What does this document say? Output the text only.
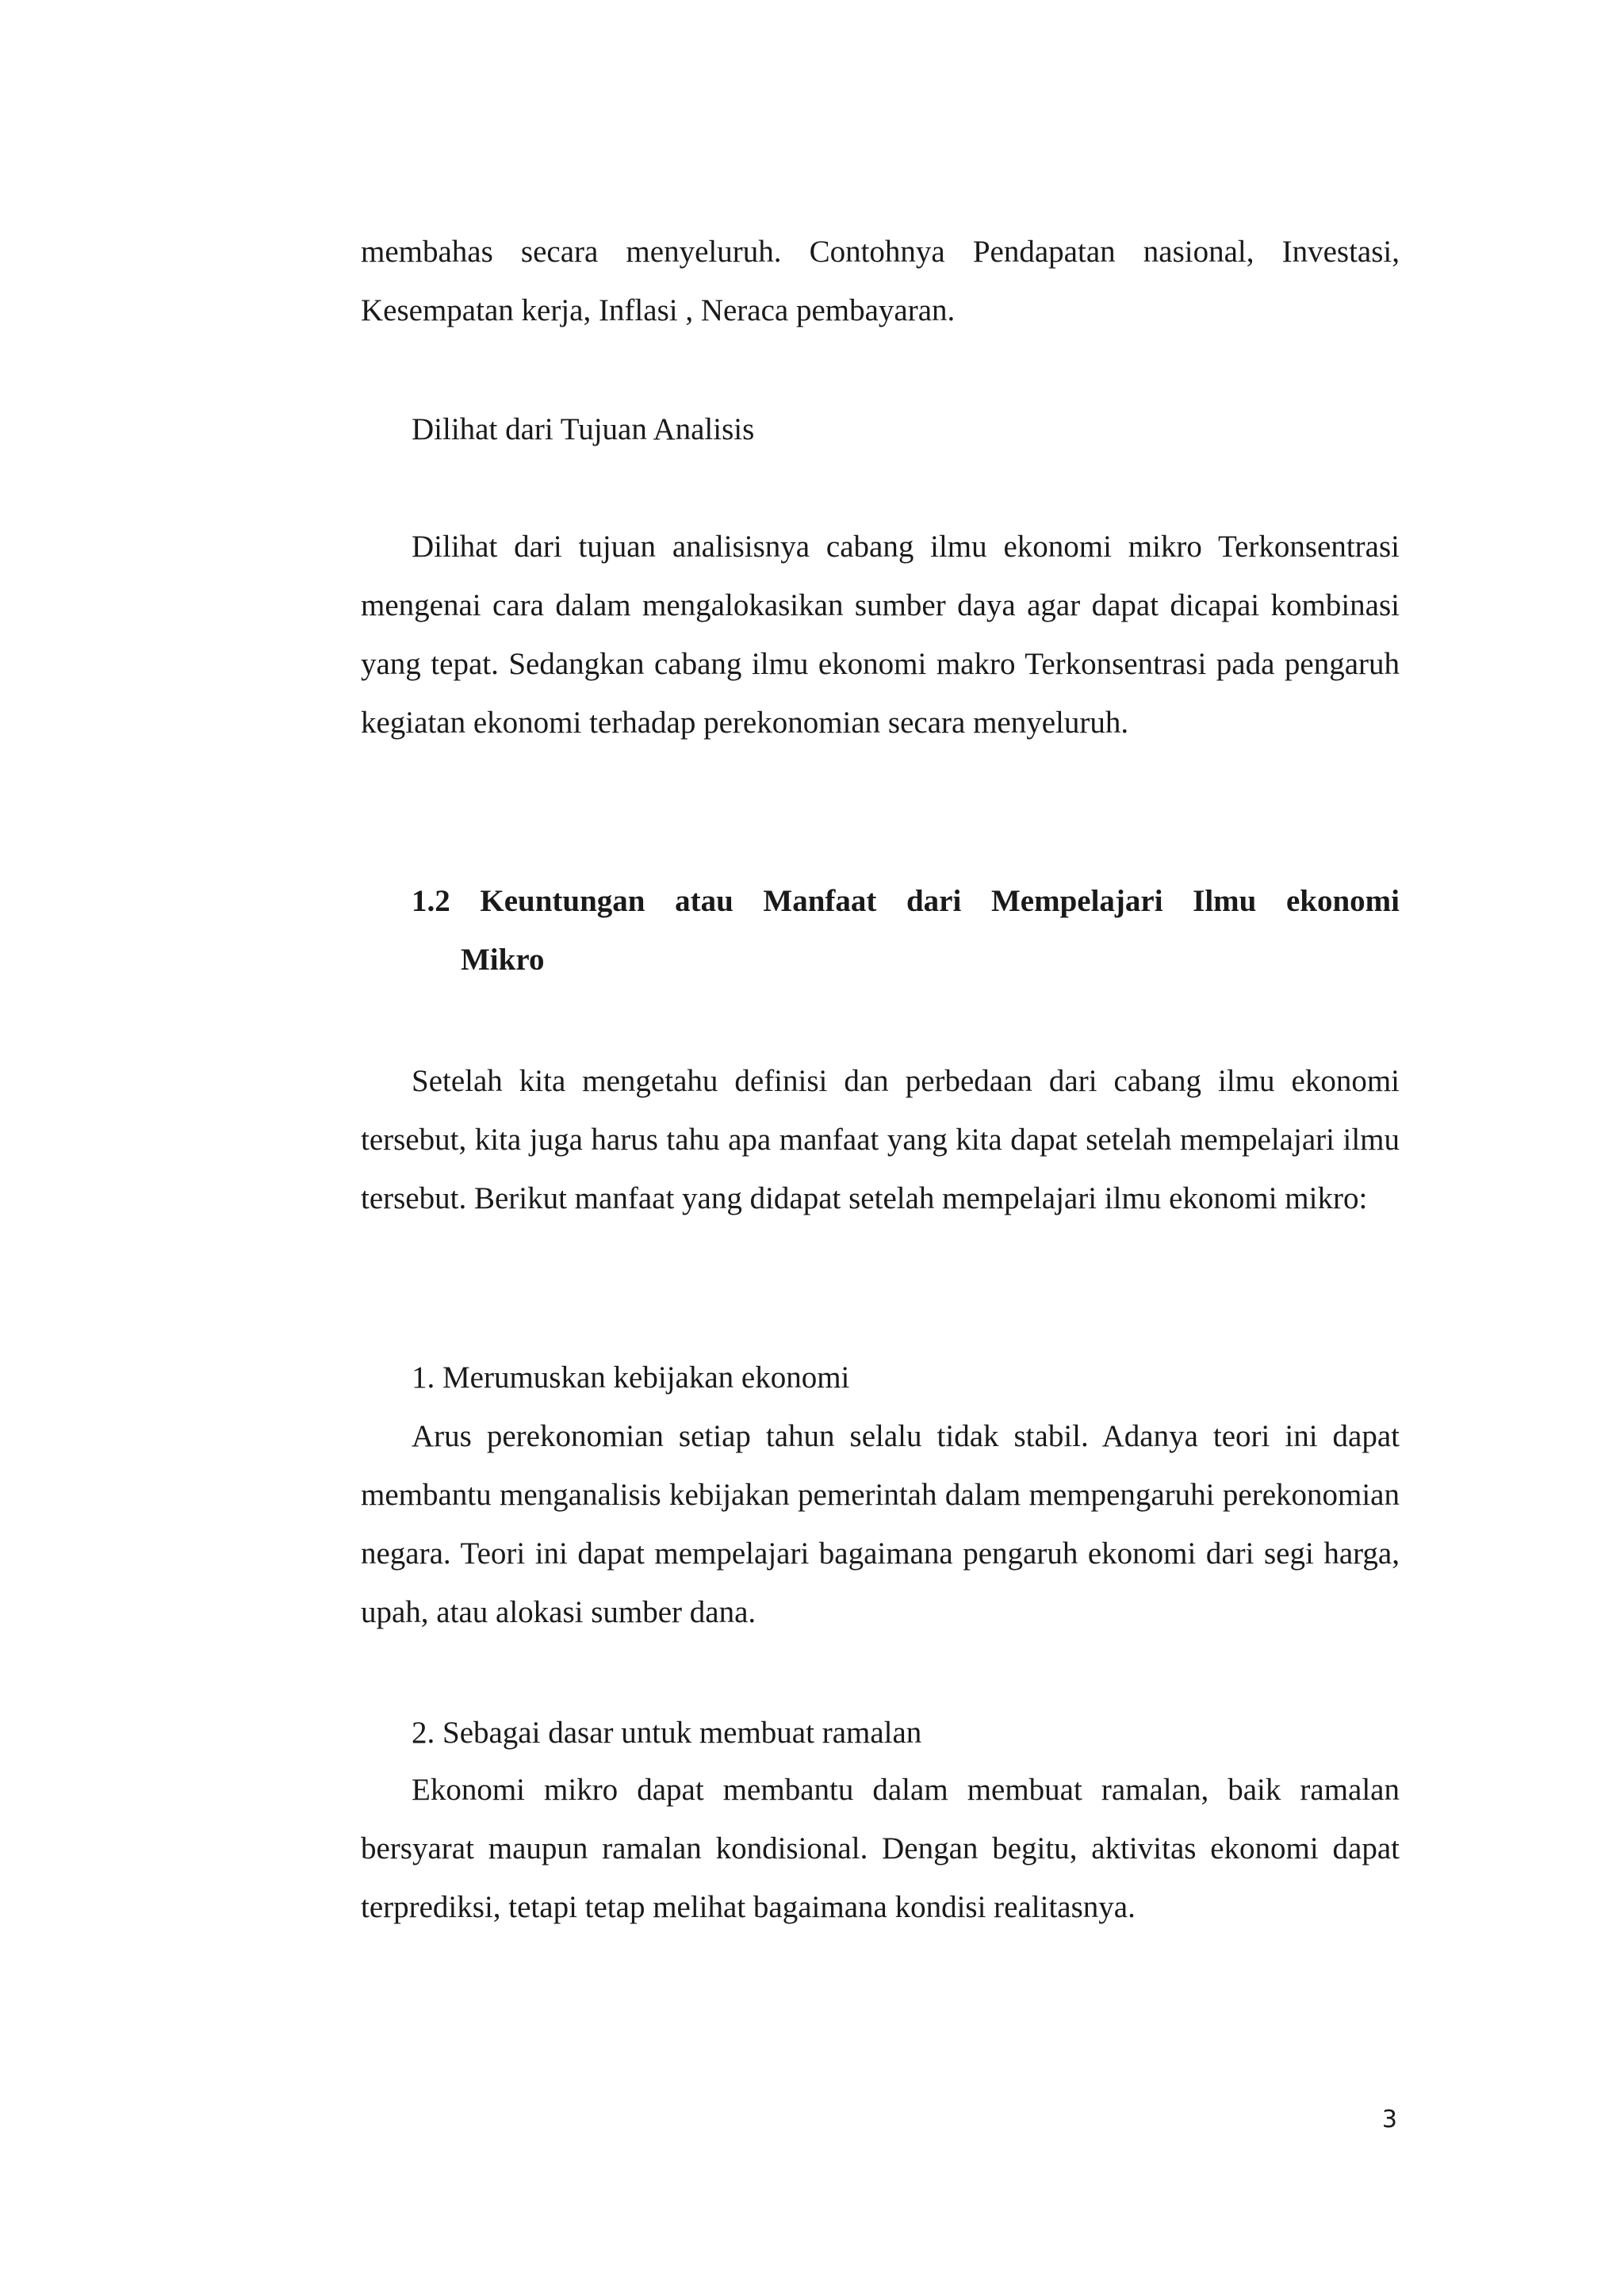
membahas secara menyeluruh. Contohnya Pendapatan nasional, Investasi, Kesempatan kerja, Inflasi , Neraca pembayaran.

Dilihat dari Tujuan Analisis

Dilihat dari tujuan analisisnya cabang ilmu ekonomi mikro Terkonsentrasi mengenai cara dalam mengalokasikan sumber daya agar dapat dicapai kombinasi yang tepat. Sedangkan cabang ilmu ekonomi makro Terkonsentrasi pada pengaruh kegiatan ekonomi terhadap perekonomian secara menyeluruh.

1.2 Keuntungan atau Manfaat dari Mempelajari Ilmu ekonomi
Mikro

Setelah kita mengetahu definisi dan perbedaan dari cabang ilmu ekonomi tersebut, kita juga harus tahu apa manfaat yang kita dapat setelah mempelajari ilmu tersebut. Berikut manfaat yang didapat setelah mempelajari ilmu ekonomi mikro:

1. Merumuskan kebijakan ekonomi

Arus perekonomian setiap tahun selalu tidak stabil. Adanya teori ini dapat membantu menganalisis kebijakan pemerintah dalam mempengaruhi perekonomian negara. Teori ini dapat mempelajari bagaimana pengaruh ekonomi dari segi harga, upah, atau alokasi sumber dana.

2. Sebagai dasar untuk membuat ramalan

Ekonomi mikro dapat membantu dalam membuat ramalan, baik ramalan bersyarat maupun ramalan kondisional. Dengan begitu, aktivitas ekonomi dapat terprediksi, tetapi tetap melihat bagaimana kondisi realitasnya.

3
